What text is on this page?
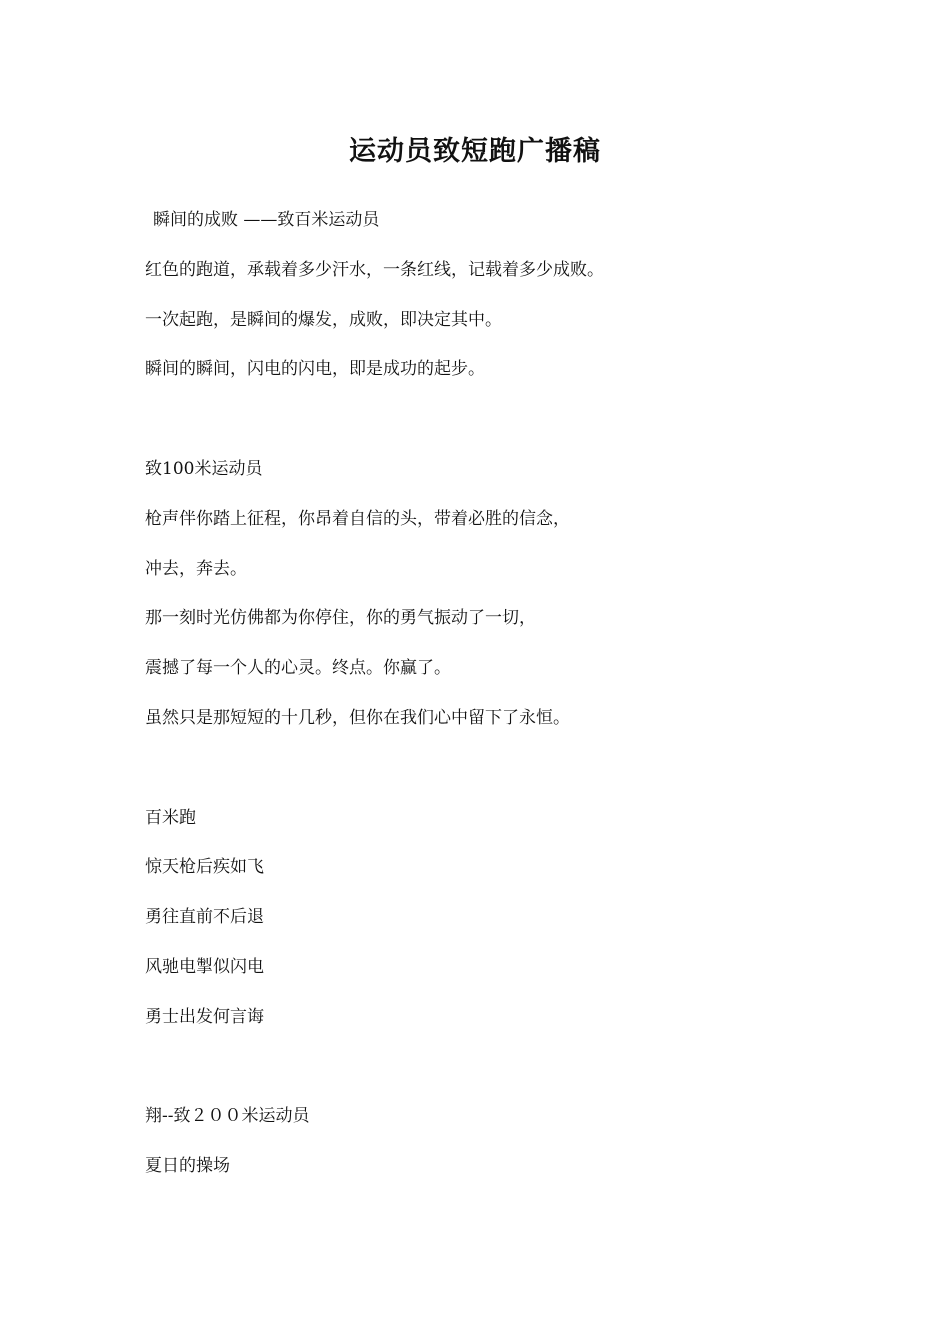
运动员致短跑广播稿
瞬间的成败 ——致百米运动员
红色的跑道，承载着多少汗水，一条红线，记载着多少成败。
一次起跑，是瞬间的爆发，成败，即决定其中。
瞬间的瞬间，闪电的闪电，即是成功的起步。
致100米运动员
枪声伴你踏上征程，你昂着自信的头，带着必胜的信念，
冲去，奔去。
那一刻时光仿佛都为你停住，你的勇气振动了一切，
震撼了每一个人的心灵。终点。你赢了。
虽然只是那短短的十几秒，但你在我们心中留下了永恒。
百米跑
惊天枪后疾如飞
勇往直前不后退
风驰电掣似闪电
勇士出发何言诲
翔--致２００米运动员
夏日的操场
